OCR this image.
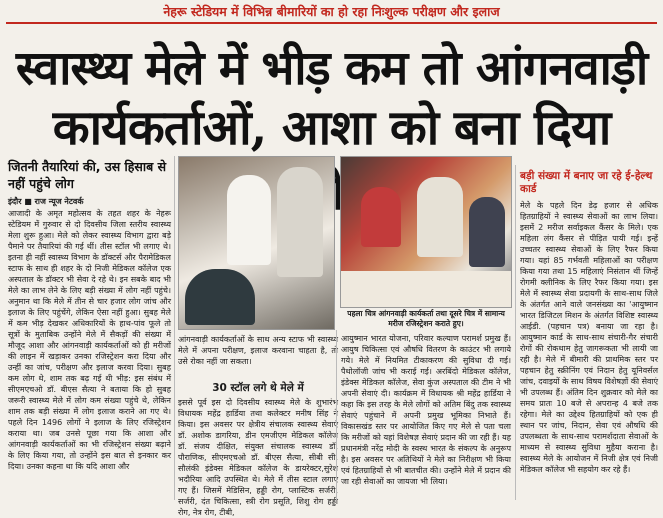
नेहरू स्टेडियम में विभिन्न बीमारियों का हो रहा निःशुल्क परीक्षण और इलाज
स्वास्थ्य मेले में भीड़ कम तो आंगनवाड़ी
कार्यकर्ताओं, आशा को बना दिया
जितनी तैयारियां की, उस हिसाब से नहीं पहुंचे लोग
इंदौर ■ राज न्यूज नेटवर्क
आजादी के अमृत महोत्सव के तहत शहर के नेहरू स्टेडियम में गुरुवार से दो दिवसीय जिला स्तरीय स्वास्थ्य मेला शुरू हुआ। मेले को लेकर स्वास्थ्य विभाग द्वारा बड़े पैमाने पर तैयारियां की गई थीं। तीस स्टॉल भी लगाए थे। इतना ही नहीं स्वास्थ्य विभाग के डॉक्टर्स और पैरामेडिकल स्टाफ के साथ ही शहर के दो निजी मेडिकल कॉलेज एक अस्पताल के डॉक्टर भी सेवा दे रहे थे। इन सबके बाद भी मेले का लाभ लेने के लिए बड़ी संख्या में लोग नहीं पहुंचे। अनुमान था कि मेले में तीन से चार हजार लोग जांच और इलाज के लिए पहुंचेंगे, लेकिन ऐसा नहीं हुआ। सुबह मेले में कम भीड़ देखकर अधिकारियों के हाथ-पांव फूले तो सूत्रों के मुताबिक उन्होंने मेले में सैकड़ों की संख्या में मौजूद आशा और आंगनवाड़ी कार्यकर्ताओं को ही मरीजों की लाइन में खड़ाकर उनका रजिस्ट्रेशन करा दिया और उन्हीं का जांच, परीक्षण और इलाज करवा दिया। सुबह कम लोग थे, शाम तक बढ़ गई थी भीड़: इस संबंध में सीएमएचओ डॉ. बीएस सैत्या ने बताया कि हो सुबह जरूरी स्वास्थ्य मेले में लोग कम संख्या पहुंचे थे, लेकिन शाम तक बड़ी संख्या में लोग इलाज कराने आ गए थे। पहले दिन 1496 लोगों ने इलाज के लिए रजिस्ट्रेशन कराया था। जब उनसे पूछा गया कि आशा और आंगनवाड़ी कार्यकर्ताओं का भी रजिस्ट्रेशन संख्या बढ़ाने के लिए किया गया, तो उन्होंने इस बात से इनकार कर दिया। उनका कहना था कि यदि आशा और
आंगनवाड़ी कार्यकर्ताओं के साथ अन्य स्टाफ भी स्वास्थ्य मेले में अपना परीक्षण, इलाज करवाना चाहता है, तो उसे रोका नहीं जा सकता।
30 स्टॉल लगे थे मेले में
इससे पूर्व इस दो दिवसीय स्वास्थ्य मेले के शुभारंभ विधायक महेंद्र हार्डिया तथा कलेक्टर मनीष सिंह ने किया। इस अवसर पर क्षेत्रीय संचालक स्वास्थ्य सेवाएं डॉ. अशोक डागरिया, डीन एमजीएम मेडिकल कॉलेज डॉ. संजय दीक्षित, संयुक्त संचालक स्वास्थ्य डॉ. पौराणिक, सीएमएचओ डॉ. बीएस सैत्या, सीबी सी. सौलंकी इंडेक्स मेडिकल कॉलेज के डायरेक्टर,सुरेश भदौरिया आदि उपस्थित थे। मेले में तीस स्टाल लगाए गए हैं। जिसमें मेडिसिन, हड्डी रोग, प्लास्टिक सर्जरी, सर्जरी, दंत चिकित्सा, स्त्री रोग प्रसूति, शिशु रोग हड्डी रोग, नेत्र रोग, टीबी,
पहला चित्र आंगनवाड़ी कार्यकर्ता तथा दूसरे चित्र में सामान्य मरीज रजिस्ट्रेशन कराते हुए।
आयुष्मान भारत योजना, परिवार कल्याण परामर्श प्रमुख हैं। आयुष चिकित्सा एवं औषधि वितरण के काउंटर भी लगाये गये। मेले में नियमित टीकाकरण की सुविधा दी गई। पैथोलॉजी जांच भी कराई गई। अरबिंदो मेडिकल कॉलेज, इंडेक्स मेडिकल कॉलेज, सेवा कुंज अस्पताल की टीम ने भी अपनी सेवाएं दी। कार्यक्रम में विधायक श्री महेंद्र हार्डिया ने कहा कि इस तरह के मेले लोगों को अतिम बिंदु तक स्वास्थ्य सेवाएं पहुंचाने में अपनी प्रमुख भूमिका निभाते हैं। विकासखंड स्तर पर आयोजित किए गए मेले से पता चला कि मरीजों को यहां विशेषज्ञ सेवाएं प्रदान की जा रही हैं। यह प्रधानमंत्री नरेंद्र मोदी के स्वस्थ भारत के संकल्प के अनुरूप है। इस अवसर पर अतिथियों ने मेले का निरीक्षण भी किया एवं हितग्राहियों से भी बातचीत की। उन्होंने मेले में प्रदान की जा रही सेवाओं का जायजा भी लिया।
बड़ी संख्या में बनाए जा रहे ई-हेल्थ कार्ड
मेले के पहले दिन डेढ़ हजार से अधिक हितग्राहियों ने स्वास्थ्य सेवाओं का लाभ लिया। इसमें 2 मरीज सर्वाइकल कैंसर के मिले। एक महिला लंग कैंसर से पीड़ित पायी गई। इन्हें उच्चतर स्वास्थ्य सेवाओं के लिए रैफर किया गया। यहां 85 गर्भवती महिलाओं का परीक्षण किया गया तथा 15 महिलाएं निसंतान थीं जिन्हें रोगमी क्लीनिक के लिए रैफर किया गया। इस मेले में स्वास्थ्य सेवा प्रदायगी के साथ-साथ जिले के अंतर्गत आने वाले जनसंख्या का 'आयुष्मान भारत डिजिटल मिशन के अंतर्गत विशिष्ट स्वास्थ्य आईडी. (पहचान पत्र) बनाया जा रहा है। आयुष्मान कार्ड के साथ-साथ संचारी-गैर संचारी रोगों की रोकथाम हेतु जागरूकता भी लायी जा रही है। मेले में बीमारी की प्राथमिक स्तर पर पहचान हेतु स्क्रीनिंग एवं निदान हेतु यूनिवर्सल जांच, दवाइयों के साथ विषय विशेषज्ञों की सेवाएं भी उपलब्ध हैं। अंतिम दिन शुक्रवार को मेले का समय प्रातः 10 बजे से अपरान्ह 4 बजे तक रहेगा। मेले का उद्देश्य हितग्राहियों को एक ही स्थान पर जांच, निदान, सेवा एवं औषधि की उपलब्धता के साथ-साथ परामर्शदाता सेवाओं के माध्यम से स्वास्थ्य सुविधा मुहैया कराना है। स्वास्थ्य मेले के आयोजन में निजी क्षेत्र एवं निजी मेडिकल कॉलेज भी सहयोग कर रहे हैं।
